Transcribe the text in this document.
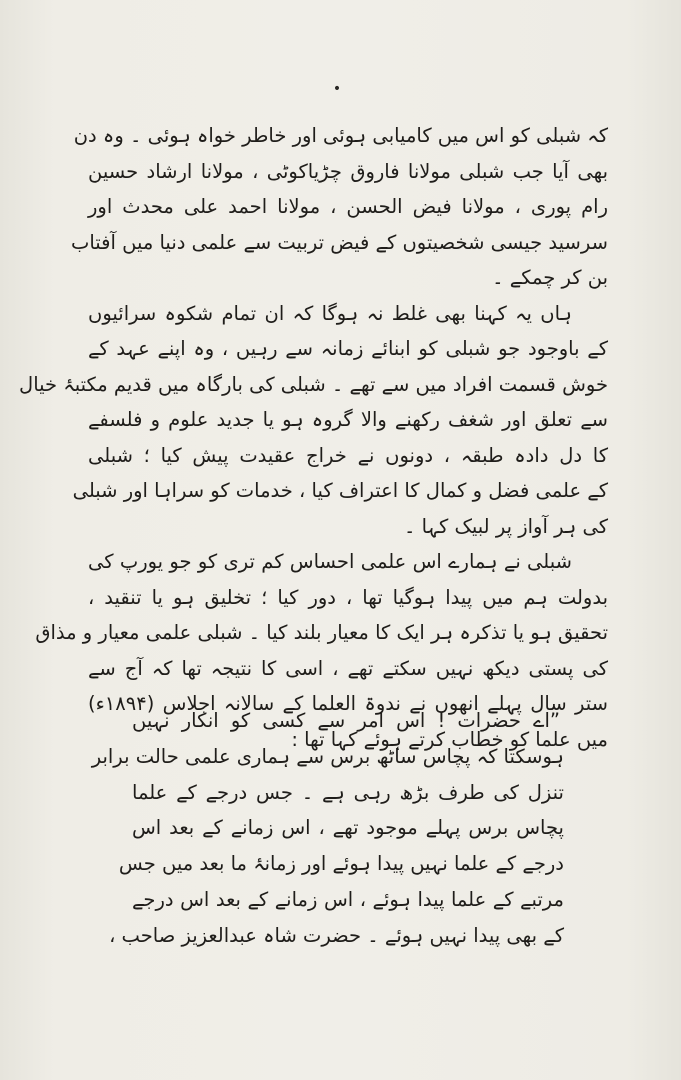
•
کہ شبلی کو اس میں کامیابی ہوئی اور خاطر خواہ ہوئی ۔ وہ دن
بھی آیا جب شبلی مولانا فاروق چڑیاکوٹی ، مولانا ارشاد حسین
رام پوری ، مولانا فیض الحسن ، مولانا احمد علی محدث اور
سرسید جیسی شخصیتوں کے فیض تربیت سے علمی دنیا میں آفتاب
بن کر چمکے ۔
ہاں یہ کہنا بھی غلط نہ ہوگا کہ ان تمام شکوہ سرائیوں
کے باوجود جو شبلی کو ابنائے زمانہ سے رہیں ، وہ اپنے عہد کے
خوش قسمت افراد میں سے تھے ۔ شبلی کی بارگاہ میں قدیم مکتبۂ خیال
سے تعلق اور شغف رکھنے والا گروہ ہو یا جدید علوم و فلسفے
کا دل دادہ طبقہ ، دونوں نے خراج عقیدت پیش کیا ؛ شبلی
کے علمی فضل و کمال کا اعتراف کیا ، خدمات کو سراہا اور شبلی
کی ہر آواز پر لبیک کہا ۔
شبلی نے ہمارے اس علمی احساس کم تری کو جو یورپ کی
بدولت ہم میں پیدا ہوگیا تھا ، دور کیا ؛ تخلیق ہو یا تنقید ،
تحقیق ہو یا تذکرہ ہر ایک کا معیار بلند کیا ۔ شبلی علمی معیار و مذاق
کی پستی دیکھ نہیں سکتے تھے ، اسی کا نتیجہ تھا کہ آج سے
ستر سال پہلے انھوں نے ندوۃ العلما کے سالانہ اجلاس (۱۸۹۴ء)
میں علما کو خطاب کرتے ہوئے کہا تھا :
”اے حضرات ! اس امر سے کسی کو انکار نہیں
ہوسکتا کہ پچاس ساٹھ برس سے ہماری علمی حالت برابر
تنزل کی طرف بڑھ رہی ہے ۔ جس درجے کے علما
پچاس برس پہلے موجود تھے ، اس زمانے کے بعد اس
درجے کے علما نہیں پیدا ہوئے اور زمانۂ ما بعد میں جس
مرتبے کے علما پیدا ہوئے ، اس زمانے کے بعد اس درجے
کے بھی پیدا نہیں ہوئے ۔ حضرت شاہ عبدالعزیز صاحب ،
